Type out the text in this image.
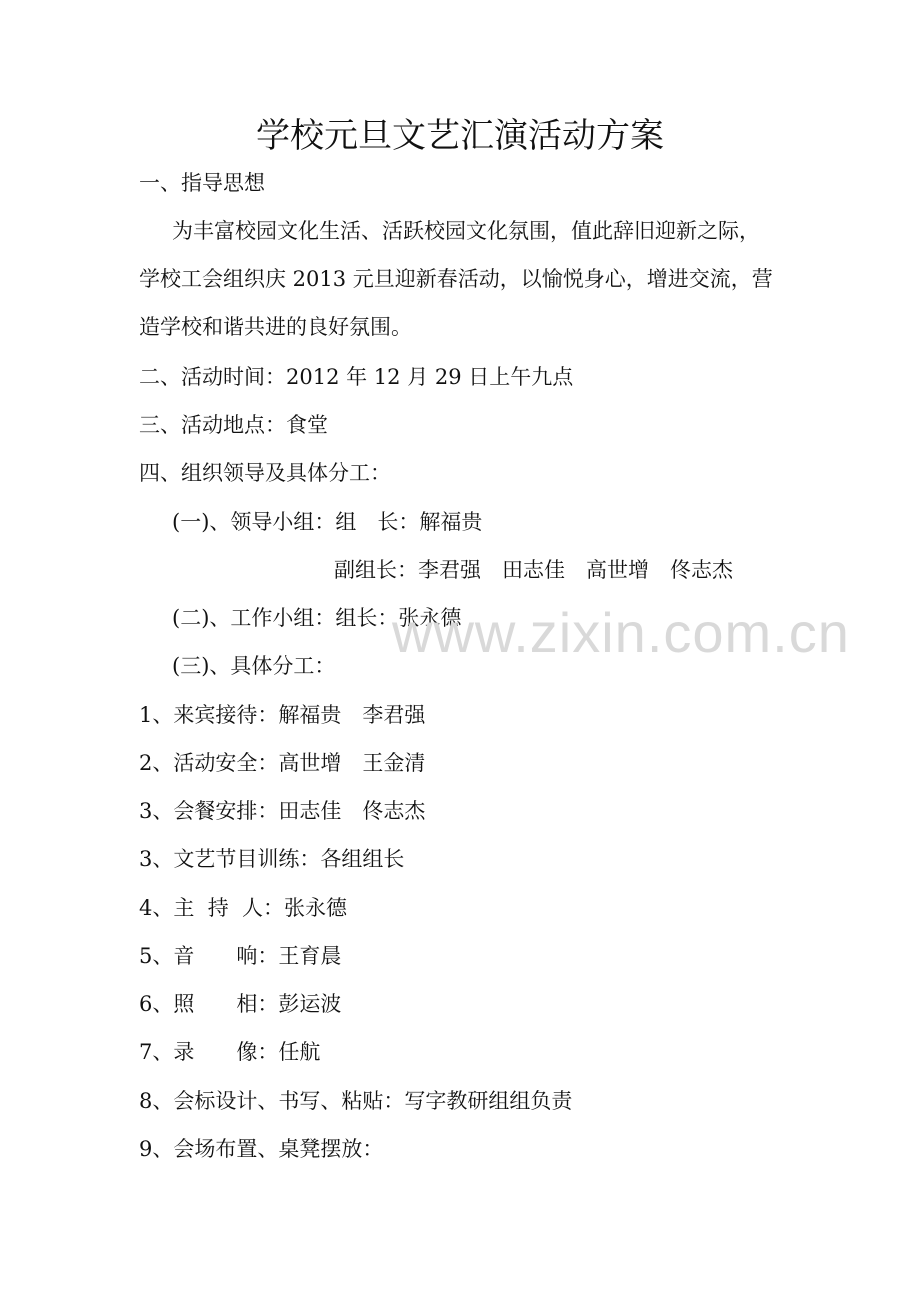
学校元旦文艺汇演活动方案
一、指导思想
为丰富校园文化生活、活跃校园文化氛围，值此辞旧迎新之际，
学校工会组织庆 2013 元旦迎新春活动，以愉悦身心，增进交流，营
造学校和谐共进的良好氛围。
二、活动时间：2012 年 12 月 29 日上午九点
三、活动地点：食堂
四、组织领导及具体分工：
(一)、领导小组：组　长：解福贵
副组长：李君强　田志佳　高世增　佟志杰
(二)、工作小组：组长：张永德
(三)、具体分工：
1、来宾接待：解福贵　李君强
2、活动安全：高世增　王金清
3、会餐安排：田志佳　佟志杰
3、文艺节目训练：各组组长
4、主  持  人：张永德
5、音　　响：王育晨
6、照　　相：彭运波
7、录　　像：任航
8、会标设计、书写、粘贴：写字教研组组负责
9、会场布置、桌凳摆放：
www.zixin.com.cn
